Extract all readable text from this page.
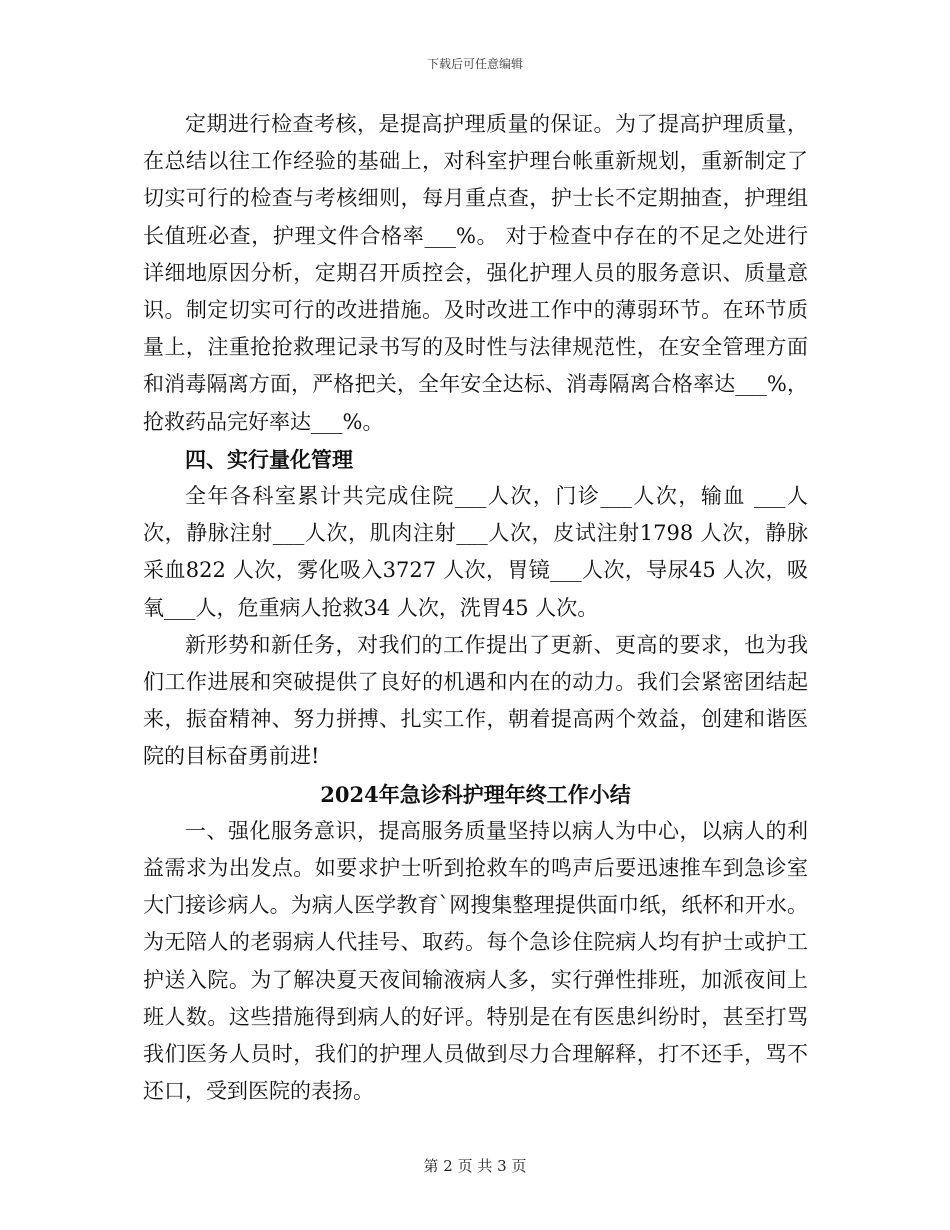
下载后可任意编辑

定期进行检查考核，是提高护理质量的保证。为了提高护理质量，在总结以往工作经验的基础上，对科室护理台帐重新规划，重新制定了切实可行的检查与考核细则，每月重点查，护士长不定期抽查，护理组长值班必查，护理文件合格率___%。 对于检查中存在的不足之处进行详细地原因分析，定期召开质控会，强化护理人员的服务意识、质量意识。制定切实可行的改进措施。及时改进工作中的薄弱环节。在环节质量上，注重抢抢救理记录书写的及时性与法律规范性，在安全管理方面和消毒隔离方面，严格把关，全年安全达标、消毒隔离合格率达___%，抢救药品完好率达___%。

四、实行量化管理

全年各科室累计共完成住院___人次，门诊___人次，输血 ___人次，静脉注射___人次，肌肉注射___人次，皮试注射1798 人次，静脉采血822 人次，雾化吸入3727 人次，胃镜___人次，导尿45 人次，吸氧___人，危重病人抢救34 人次，洗胃45 人次。

新形势和新任务，对我们的工作提出了更新、更高的要求，也为我们工作进展和突破提供了良好的机遇和内在的动力。我们会紧密团结起来，振奋精神、努力拼搏、扎实工作，朝着提高两个效益，创建和谐医院的目标奋勇前进!

2024年急诊科护理年终工作小结

一、强化服务意识，提高服务质量坚持以病人为中心，以病人的利益需求为出发点。如要求护士听到抢救车的鸣声后要迅速推车到急诊室大门接诊病人。为病人医学教育`网搜集整理提供面巾纸，纸杯和开水。为无陪人的老弱病人代挂号、取药。每个急诊住院病人均有护士或护工护送入院。为了解决夏天夜间输液病人多，实行弹性排班，加派夜间上班人数。这些措施得到病人的好评。特别是在有医患纠纷时，甚至打骂我们医务人员时，我们的护理人员做到尽力合理解释，打不还手，骂不还口，受到医院的表扬。

第 2 页 共 3 页
